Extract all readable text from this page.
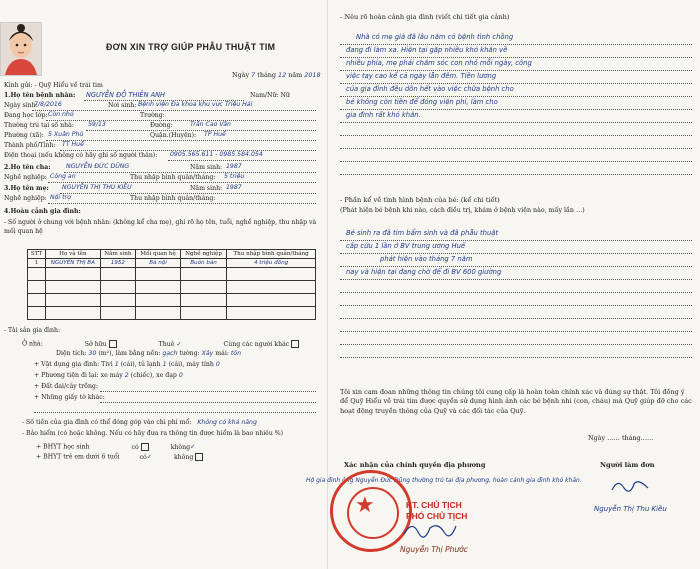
ĐƠN XIN TRỢ GIÚP PHẪU THUẬT TIM
Ngày 7 tháng 12 năm 2018
Kính gửi: - Quỹ Hiểu về trái tim
1.Họ tên bệnh nhân: NGUYỄN ĐỖ THIÊN ANH	Nam/Nữ: Nữ
Ngày sinh:
7/8/2016	Nơi sinh: Bệnh viện Đa khoa khu vực Triệu Hải
Đang học lớp: Còn nhỏ	Trường:
Thường trú tại số nhà: 59/13	Đường:	Trần Cao Vân
Phường (xã): 5 Xuân Phú	Quận.(Huyện): TP Huế
Thành phố/Tỉnh: TT Huế
Điện thoại (nếu không có hãy ghi số người thân): 0905.565.611 - 0985.584.054
2.Họ tên cha: NGUYỄN ĐỨC DŨNG	Năm sinh: 1987
Nghề nghiệp: Công an	Thu nhập bình quân/tháng: 5 triệu
3.Họ tên mẹ: NGUYỄN THỊ THU KIỀU	Năm sinh: 1987
Nghề nghiệp: Nội trợ	Thu nhập bình quân/tháng:
4.Hoàn cảnh gia đình:
- Số người ở chung với bệnh nhân: (không kể cha mẹ), ghi rõ họ tên, tuổi, nghề nghiệp, thu nhập và mối quan hệ
STT	Họ và tên	Năm sinh	Mối quan hệ	Nghề nghiệp	Thu nhập bình quân/tháng
1	NGUYỄN THỊ BA	1952	Bà nội	Buôn bán	4 triệu đồng

- Tài sản gia đình:
Ở nhà:	Sở hữu	Thuê ✓	Cùng các người khác
Diện tích: 30 (m²), làm bằng nền: gạch tường: Xây mái: tôn
+ Vật dụng gia đình: Tivi 1 (cái), tủ lạnh 1 (cái), máy tính 0
+ Phương tiện đi lại: xe máy 2 (chiếc), xe đạp 0
+ Đất đai/cây trồng:
+ Những giấy tờ khác:
- Số tiền của gia đình có thể đóng góp vào chi phí mổ: Không có khả năng
- Bảo hiểm (có hoặc không. Nếu có hãy đưa ra thông tin được hiểm là bao nhiêu %)
+ BHYT học sinh	có	không✓
+ BHYT trẻ em dưới 6 tuổi	có✓	không
- Nêu rõ hoàn cảnh gia đình (viết chi tiết gia cảnh)
Nhà có mẹ già đã lâu năm có bệnh tình chồng
đang đi làm xa. Hiện tại gặp nhiều khó khăn về
nhiều phía, mẹ phải chăm sóc con nhỏ mỗi ngày, công
việc tay cao kể cả ngày lẫn đêm. Tiền lương
của gia đình đều dồn hết vào việc chữa bệnh cho
bé không còn tiền để đóng viện phí, làm cho
gia đình rất khó khăn.
- Phần kể về tình hình bệnh của bé: (kể chi tiết)
(Phát hiện bé bệnh khi nào, cách điều trị, khám ở bệnh viện nào, mấy lần …)
Bé sinh ra đã tim bẩm sinh và đã phẫu thuật
cấp cứu 1 lần ở BV trung ương Huế
phát hiện vào tháng 7 năm
nay và hiện tại đang chờ để đi BV 600 giường
Tôi xin cam đoan những thông tin chúng tôi cung cấp là hoàn toàn chính xác và đúng sự thật. Tôi đồng ý để Quỹ Hiểu về trái tim được quyền sử dụng hình ảnh các bé bệnh nhi (con, cháu) mà Quỹ giúp đỡ cho các hoạt động truyền thông của Quỹ và các đối tác của Quỹ.
Ngày …… tháng……
Xác nhận của chính quyền địa phương	Người làm đơn
Hộ gia đình ông Nguyễn Đức Dũng thường trú tại địa phương, hoàn cảnh gia đình khó khăn.
★	KT. CHỦ TỊCH
PHÓ CHỦ TỊCH
Nguyễn Thị Phước
Nguyễn Thị Thu Kiều
